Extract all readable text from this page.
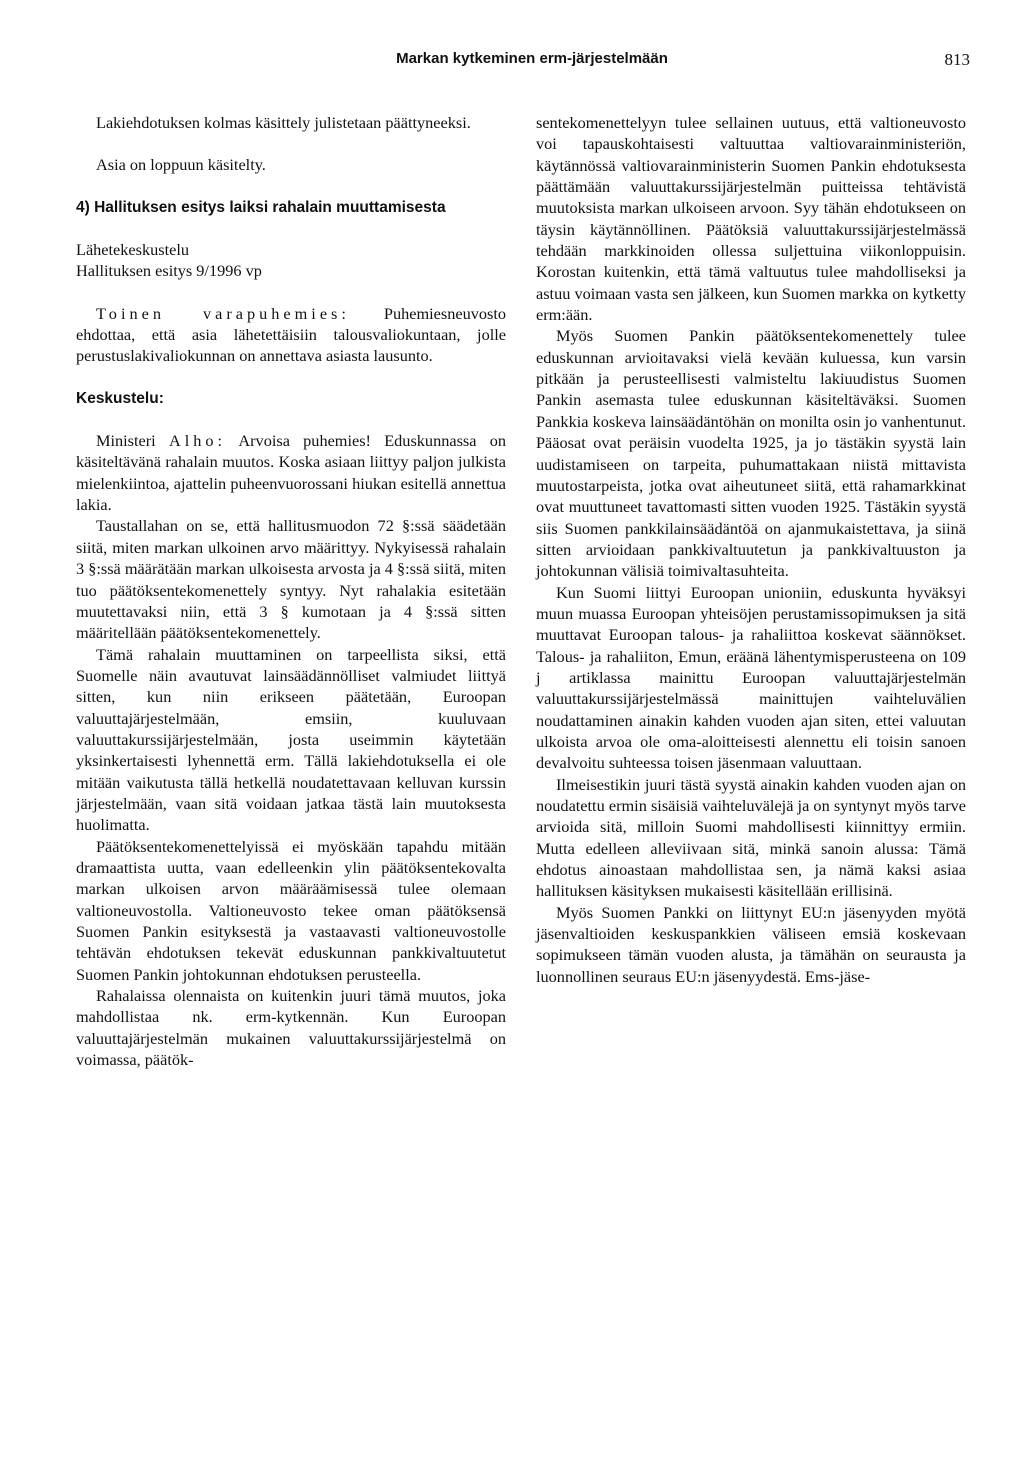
Markan kytkeminen erm-järjestelmään	813

Lakiehdotuksen kolmas käsittely julistetaan päättyneeksi.

Asia on loppuun käsitelty.

4) Hallituksen esitys laiksi rahalain muuttamisesta

Lähetekeskustelu

Hallituksen esitys 9/1996 vp

Toinen varapuhemies: Puhemiesneuvosto ehdottaa, että asia lähetettäisiin talousvaliokuntaan, jolle perustuslakivaliokunnan on annettava asiasta lausunto.

Keskustelu:

Ministeri Alho: Arvoisa puhemies! Eduskunnassa on käsiteltävänä rahalain muutos. Koska asiaan liittyy paljon julkista mielenkiintoa, ajattelin puheenvuorossani hiukan esitellä annettua lakia.

Taustallahan on se, että hallitusmuodon 72 §:ssä säädetään siitä, miten markan ulkoinen arvo määrittyy. Nykyisessä rahalain 3 §:ssä määrätään markan ulkoisesta arvosta ja 4 §:ssä siitä, miten tuo päätöksentekomenettely syntyy. Nyt rahalakia esitetään muutettavaksi niin, että 3 § kumotaan ja 4 §:ssä sitten määritellään päätöksentekomenettely.

Tämä rahalain muuttaminen on tarpeellista siksi, että Suomelle näin avautuvat lainsäädännölliset valmiudet liittyä sitten, kun niin erikseen päätetään, Euroopan valuuttajärjestelmään, emsiin, kuuluvaan valuuttakurssijärjestelmään, josta useimmin käytetään yksinkertaisesti lyhennettä erm. Tällä lakiehdotuksella ei ole mitään vaikutusta tällä hetkellä noudatettavaan kelluvan kurssin järjestelmään, vaan sitä voidaan jatkaa tästä lain muutoksesta huolimatta.

Päätöksentekomenettelyissä ei myöskään tapahdu mitään dramaattista uutta, vaan edelleenkin ylin päätöksentekovalta markan ulkoisen arvon määräämisessä tulee olemaan valtioneuvostolla. Valtioneuvosto tekee oman päätöksensä Suomen Pankin esityksestä ja vastaavasti valtioneuvostolle tehtävän ehdotuksen tekevät eduskunnan pankkivaltuutetut Suomen Pankin johtokunnan ehdotuksen perusteella.

Rahalaissa olennaista on kuitenkin juuri tämä muutos, joka mahdollistaa nk. erm-kytkennän. Kun Euroopan valuuttajärjestelmän mukainen valuuttakurssijärjestelmä on voimassa, päätök-

sentekomenettelyyn tulee sellainen uutuus, että valtioneuvosto voi tapauskohtaisesti valtuuttaa valtiovarainministeriön, käytännössä valtiovarainministerin Suomen Pankin ehdotuksesta päättämään valuuttakurssijärjestelmän puitteissa tehtävistä muutoksista markan ulkoiseen arvoon. Syy tähän ehdotukseen on täysin käytännöllinen. Päätöksiä valuuttakurssijärjestelmässä tehdään markkinoiden ollessa suljettuina viikonloppuisin. Korostan kuitenkin, että tämä valtuutus tulee mahdolliseksi ja astuu voimaan vasta sen jälkeen, kun Suomen markka on kytketty erm:ään.

Myös Suomen Pankin päätöksentekomenettely tulee eduskunnan arvioitavaksi vielä kevään kuluessa, kun varsin pitkään ja perusteellisesti valmisteltu lakiuudistus Suomen Pankin asemasta tulee eduskunnan käsiteltäväksi. Suomen Pankkia koskeva lainsäädäntöhän on monilta osin jo vanhentunut. Pääosat ovat peräisin vuodelta 1925, ja jo tästäkin syystä lain uudistamiseen on tarpeita, puhumattakaan niistä mittavista muutostarpeista, jotka ovat aiheutuneet siitä, että rahamarkkinat ovat muuttuneet tavattomasti sitten vuoden 1925. Tästäkin syystä siis Suomen pankkilainsäädäntöä on ajanmukaistettava, ja siinä sitten arvioidaan pankkivaltuutetun ja pankkivaltuuston ja johtokunnan välisiä toimivaltasuhteita.

Kun Suomi liittyi Euroopan unioniin, eduskunta hyväksyi muun muassa Euroopan yhteisöjen perustamissopimuksen ja sitä muuttavat Euroopan talous- ja rahaliittoa koskevat säännökset. Talous- ja rahaliiton, Emun, eräänä lähentymisperusteena on 109 j artiklassa mainittu Euroopan valuuttajärjestelmän valuuttakurssijärjestelmässä mainittujen vaihteluvälien noudattaminen ainakin kahden vuoden ajan siten, ettei valuutan ulkoista arvoa ole oma-aloitteisesti alennettu eli toisin sanoen devalvoitu suhteessa toisen jäsenmaan valuuttaan.

Ilmeisestikin juuri tästä syystä ainakin kahden vuoden ajan on noudatettu ermin sisäisiä vaihteluvälejä ja on syntynyt myös tarve arvioida sitä, milloin Suomi mahdollisesti kiinnittyy ermiin. Mutta edelleen alleviivaan sitä, minkä sanoin alussa: Tämä ehdotus ainoastaan mahdollistaa sen, ja nämä kaksi asiaa hallituksen käsityksen mukaisesti käsitellään erillisinä.

Myös Suomen Pankki on liittynyt EU:n jäsenyyden myötä jäsenvaltioiden keskuspankkien väliseen emsiä koskevaan sopimukseen tämän vuoden alusta, ja tämähän on seurausta ja luonnollinen seuraus EU:n jäsenyydestä. Ems-jäse-
